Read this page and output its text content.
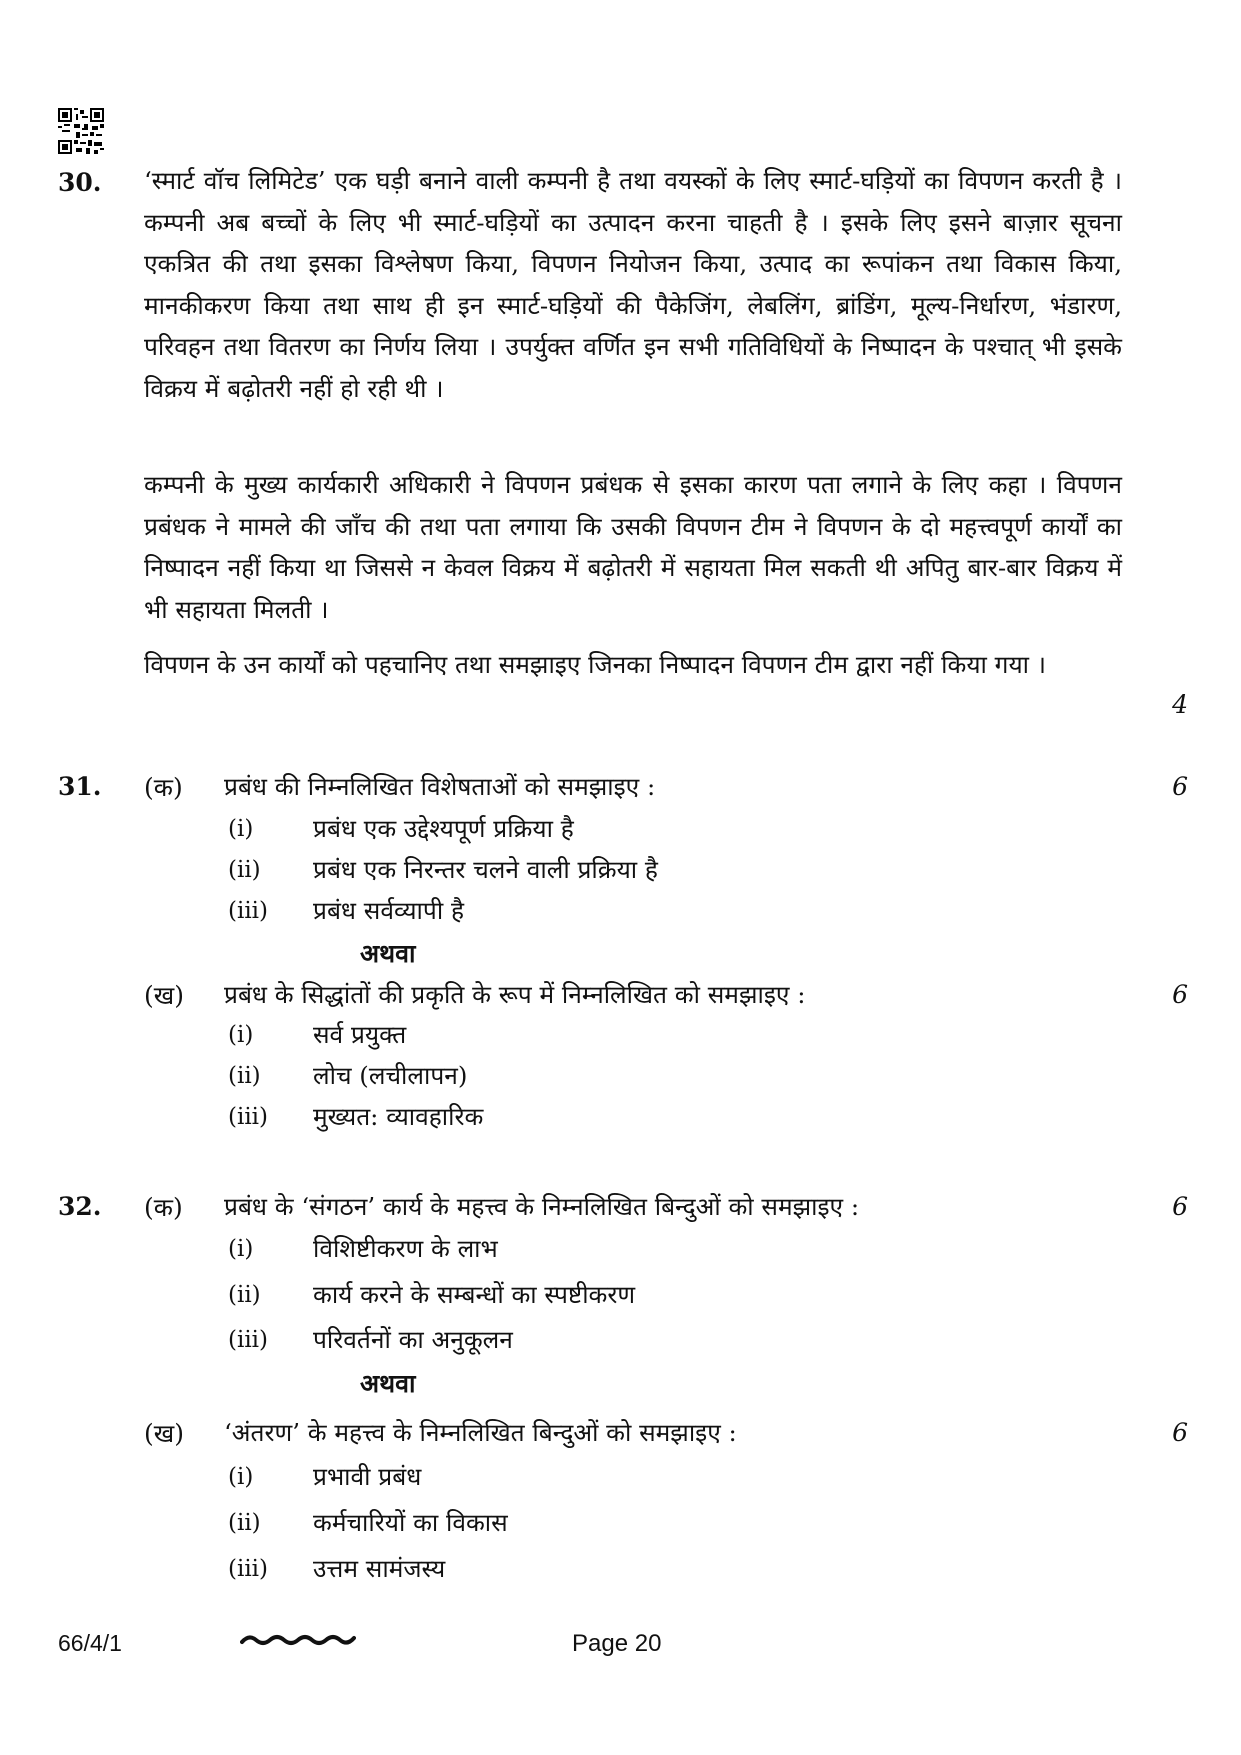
30. ‘स्मार्ट वॉच लिमिटेड’ एक घड़ी बनाने वाली कम्पनी है तथा वयस्कों के लिए स्मार्ट-घड़ियों का विपणन करती है । कम्पनी अब बच्चों के लिए भी स्मार्ट-घड़ियों का उत्पादन करना चाहती है । इसके लिए इसने बाज़ार सूचना एकत्रित की तथा इसका विश्लेषण किया, विपणन नियोजन किया, उत्पाद का रूपांकन तथा विकास किया, मानकीकरण किया तथा साथ ही इन स्मार्ट-घड़ियों की पैकेजिंग, लेबलिंग, ब्रांडिंग, मूल्य-निर्धारण, भंडारण, परिवहन तथा वितरण का निर्णय लिया । उपर्युक्त वर्णित इन सभी गतिविधियों के निष्पादन के पश्चात् भी इसके विक्रय में बढ़ोतरी नहीं हो रही थी ।

कम्पनी के मुख्य कार्यकारी अधिकारी ने विपणन प्रबंधक से इसका कारण पता लगाने के लिए कहा । विपणन प्रबंधक ने मामले की जाँच की तथा पता लगाया कि उसकी विपणन टीम ने विपणन के दो महत्त्वपूर्ण कार्यों का निष्पादन नहीं किया था जिससे न केवल विक्रय में बढ़ोतरी में सहायता मिल सकती थी अपितु बार-बार विक्रय में भी सहायता मिलती ।

विपणन के उन कार्यों को पहचानिए तथा समझाइए जिनका निष्पादन विपणन टीम द्वारा नहीं किया गया ।

4
31. (क) प्रबंध की निम्नलिखित विशेषताओं को समझाइए :	6
(i) प्रबंध एक उद्देश्यपूर्ण प्रक्रिया है
(ii) प्रबंध एक निरन्तर चलने वाली प्रक्रिया है
(iii) प्रबंध सर्वव्यापी है
अथवा
(ख) प्रबंध के सिद्धांतों की प्रकृति के रूप में निम्नलिखित को समझाइए :	6
(i) सर्व प्रयुक्त
(ii) लोच (लचीलापन)
(iii) मुख्यत: व्यावहारिक
32. (क) प्रबंध के ‘संगठन’ कार्य के महत्त्व के निम्नलिखित बिन्दुओं को समझाइए :	6
(i) विशिष्टीकरण के लाभ
(ii) कार्य करने के सम्बन्धों का स्पष्टीकरण
(iii) परिवर्तनों का अनुकूलन
अथवा
(ख) ‘अंतरण’ के महत्त्व के निम्नलिखित बिन्दुओं को समझाइए :	6
(i) प्रभावी प्रबंध
(ii) कर्मचारियों का विकास
(iii) उत्तम सामंजस्य
66/4/1	Page 20
